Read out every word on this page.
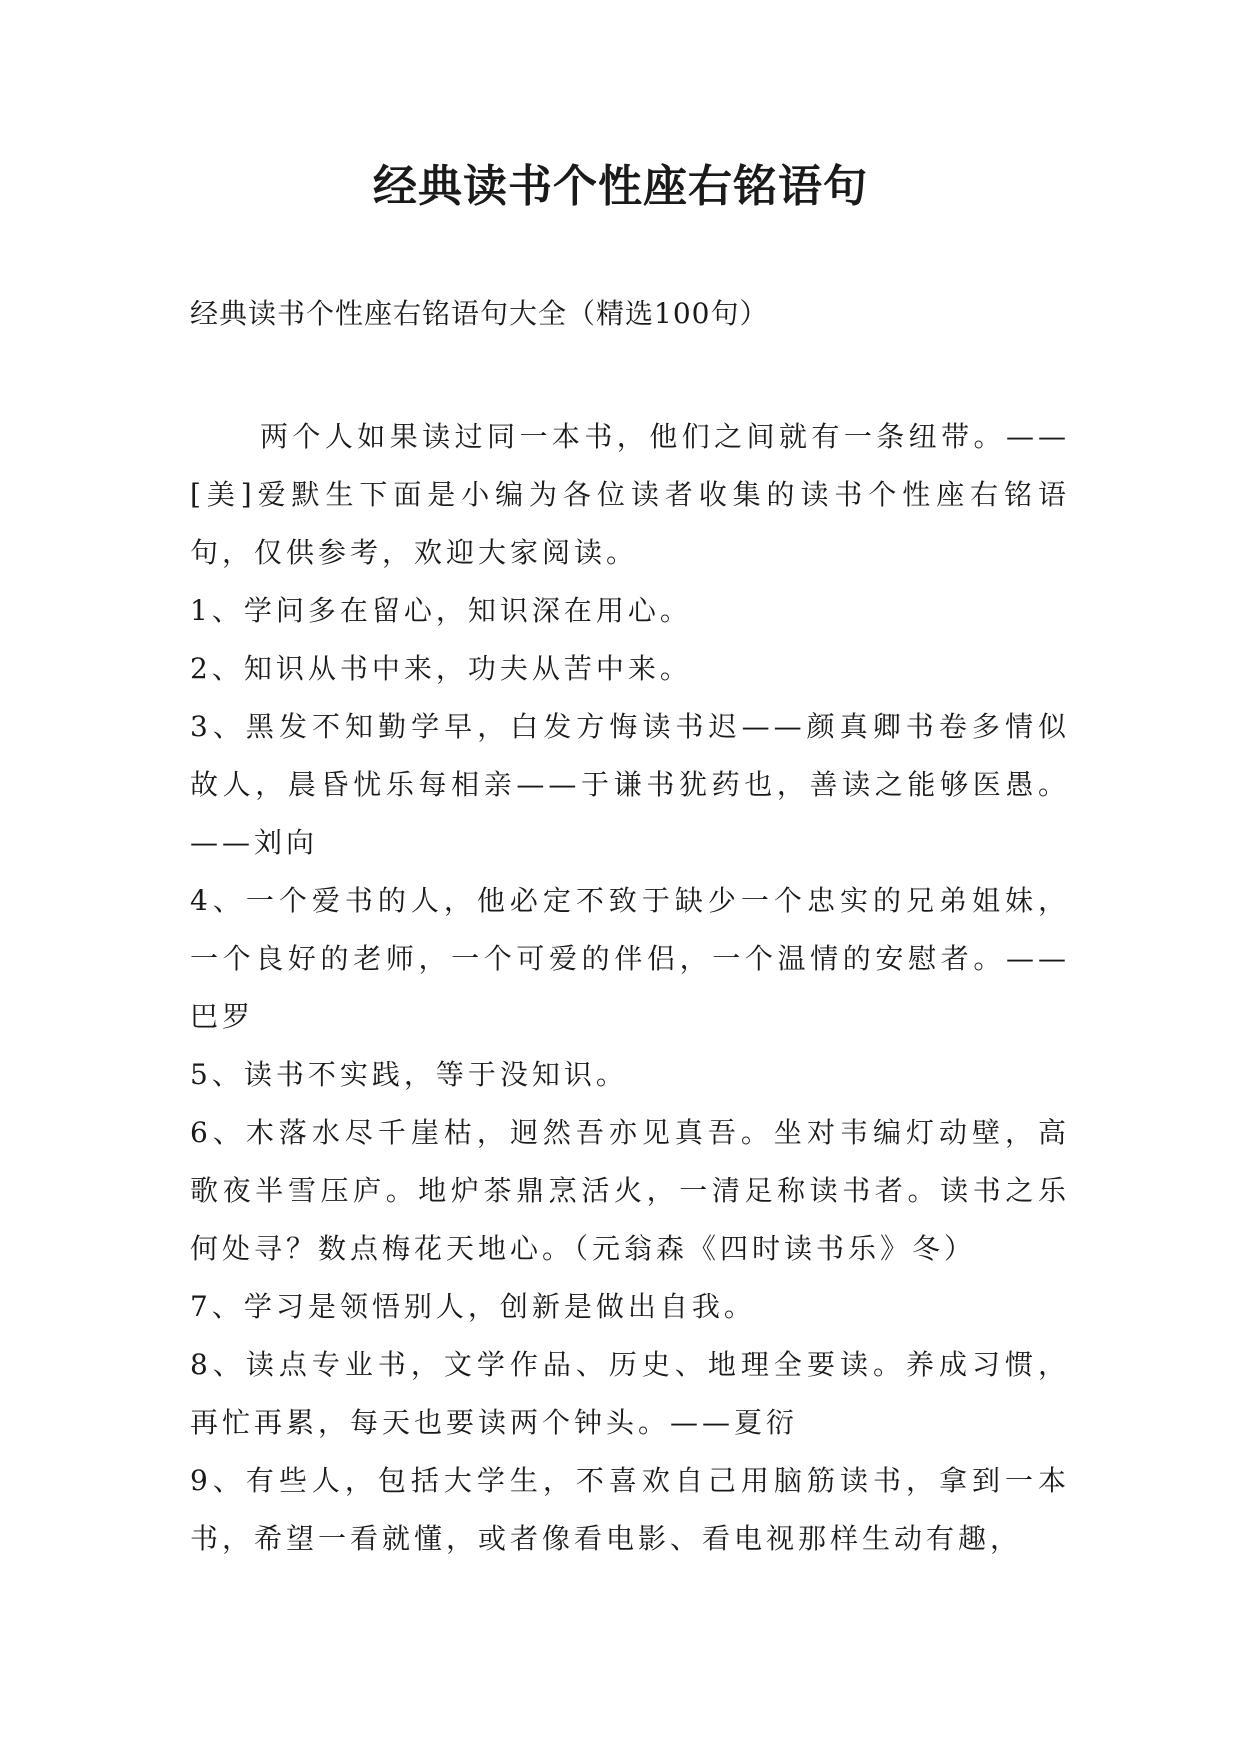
经典读书个性座右铭语句

经典读书个性座右铭语句大全（精选100句）

两个人如果读过同一本书，他们之间就有一条纽带。——[美]爱默生下面是小编为各位读者收集的读书个性座右铭语句，仅供参考，欢迎大家阅读。

1、学问多在留心，知识深在用心。

2、知识从书中来，功夫从苦中来。

3、黑发不知勤学早，白发方悔读书迟——颜真卿书卷多情似故人，晨昏忧乐每相亲——于谦书犹药也，善读之能够医愚。——刘向

4、一个爱书的人，他必定不致于缺少一个忠实的兄弟姐妹，一个良好的老师，一个可爱的伴侣，一个温情的安慰者。——巴罗

5、读书不实践，等于没知识。

6、木落水尽千崖枯，迥然吾亦见真吾。坐对韦编灯动壁，高歌夜半雪压庐。地炉茶鼎烹活火，一清足称读书者。读书之乐何处寻？数点梅花天地心。（元翁森《四时读书乐》冬）

7、学习是领悟别人，创新是做出自我。

8、读点专业书，文学作品、历史、地理全要读。养成习惯，再忙再累，每天也要读两个钟头。——夏衍

9、有些人，包括大学生，不喜欢自己用脑筋读书，拿到一本书，希望一看就懂，或者像看电影、看电视那样生动有趣，
